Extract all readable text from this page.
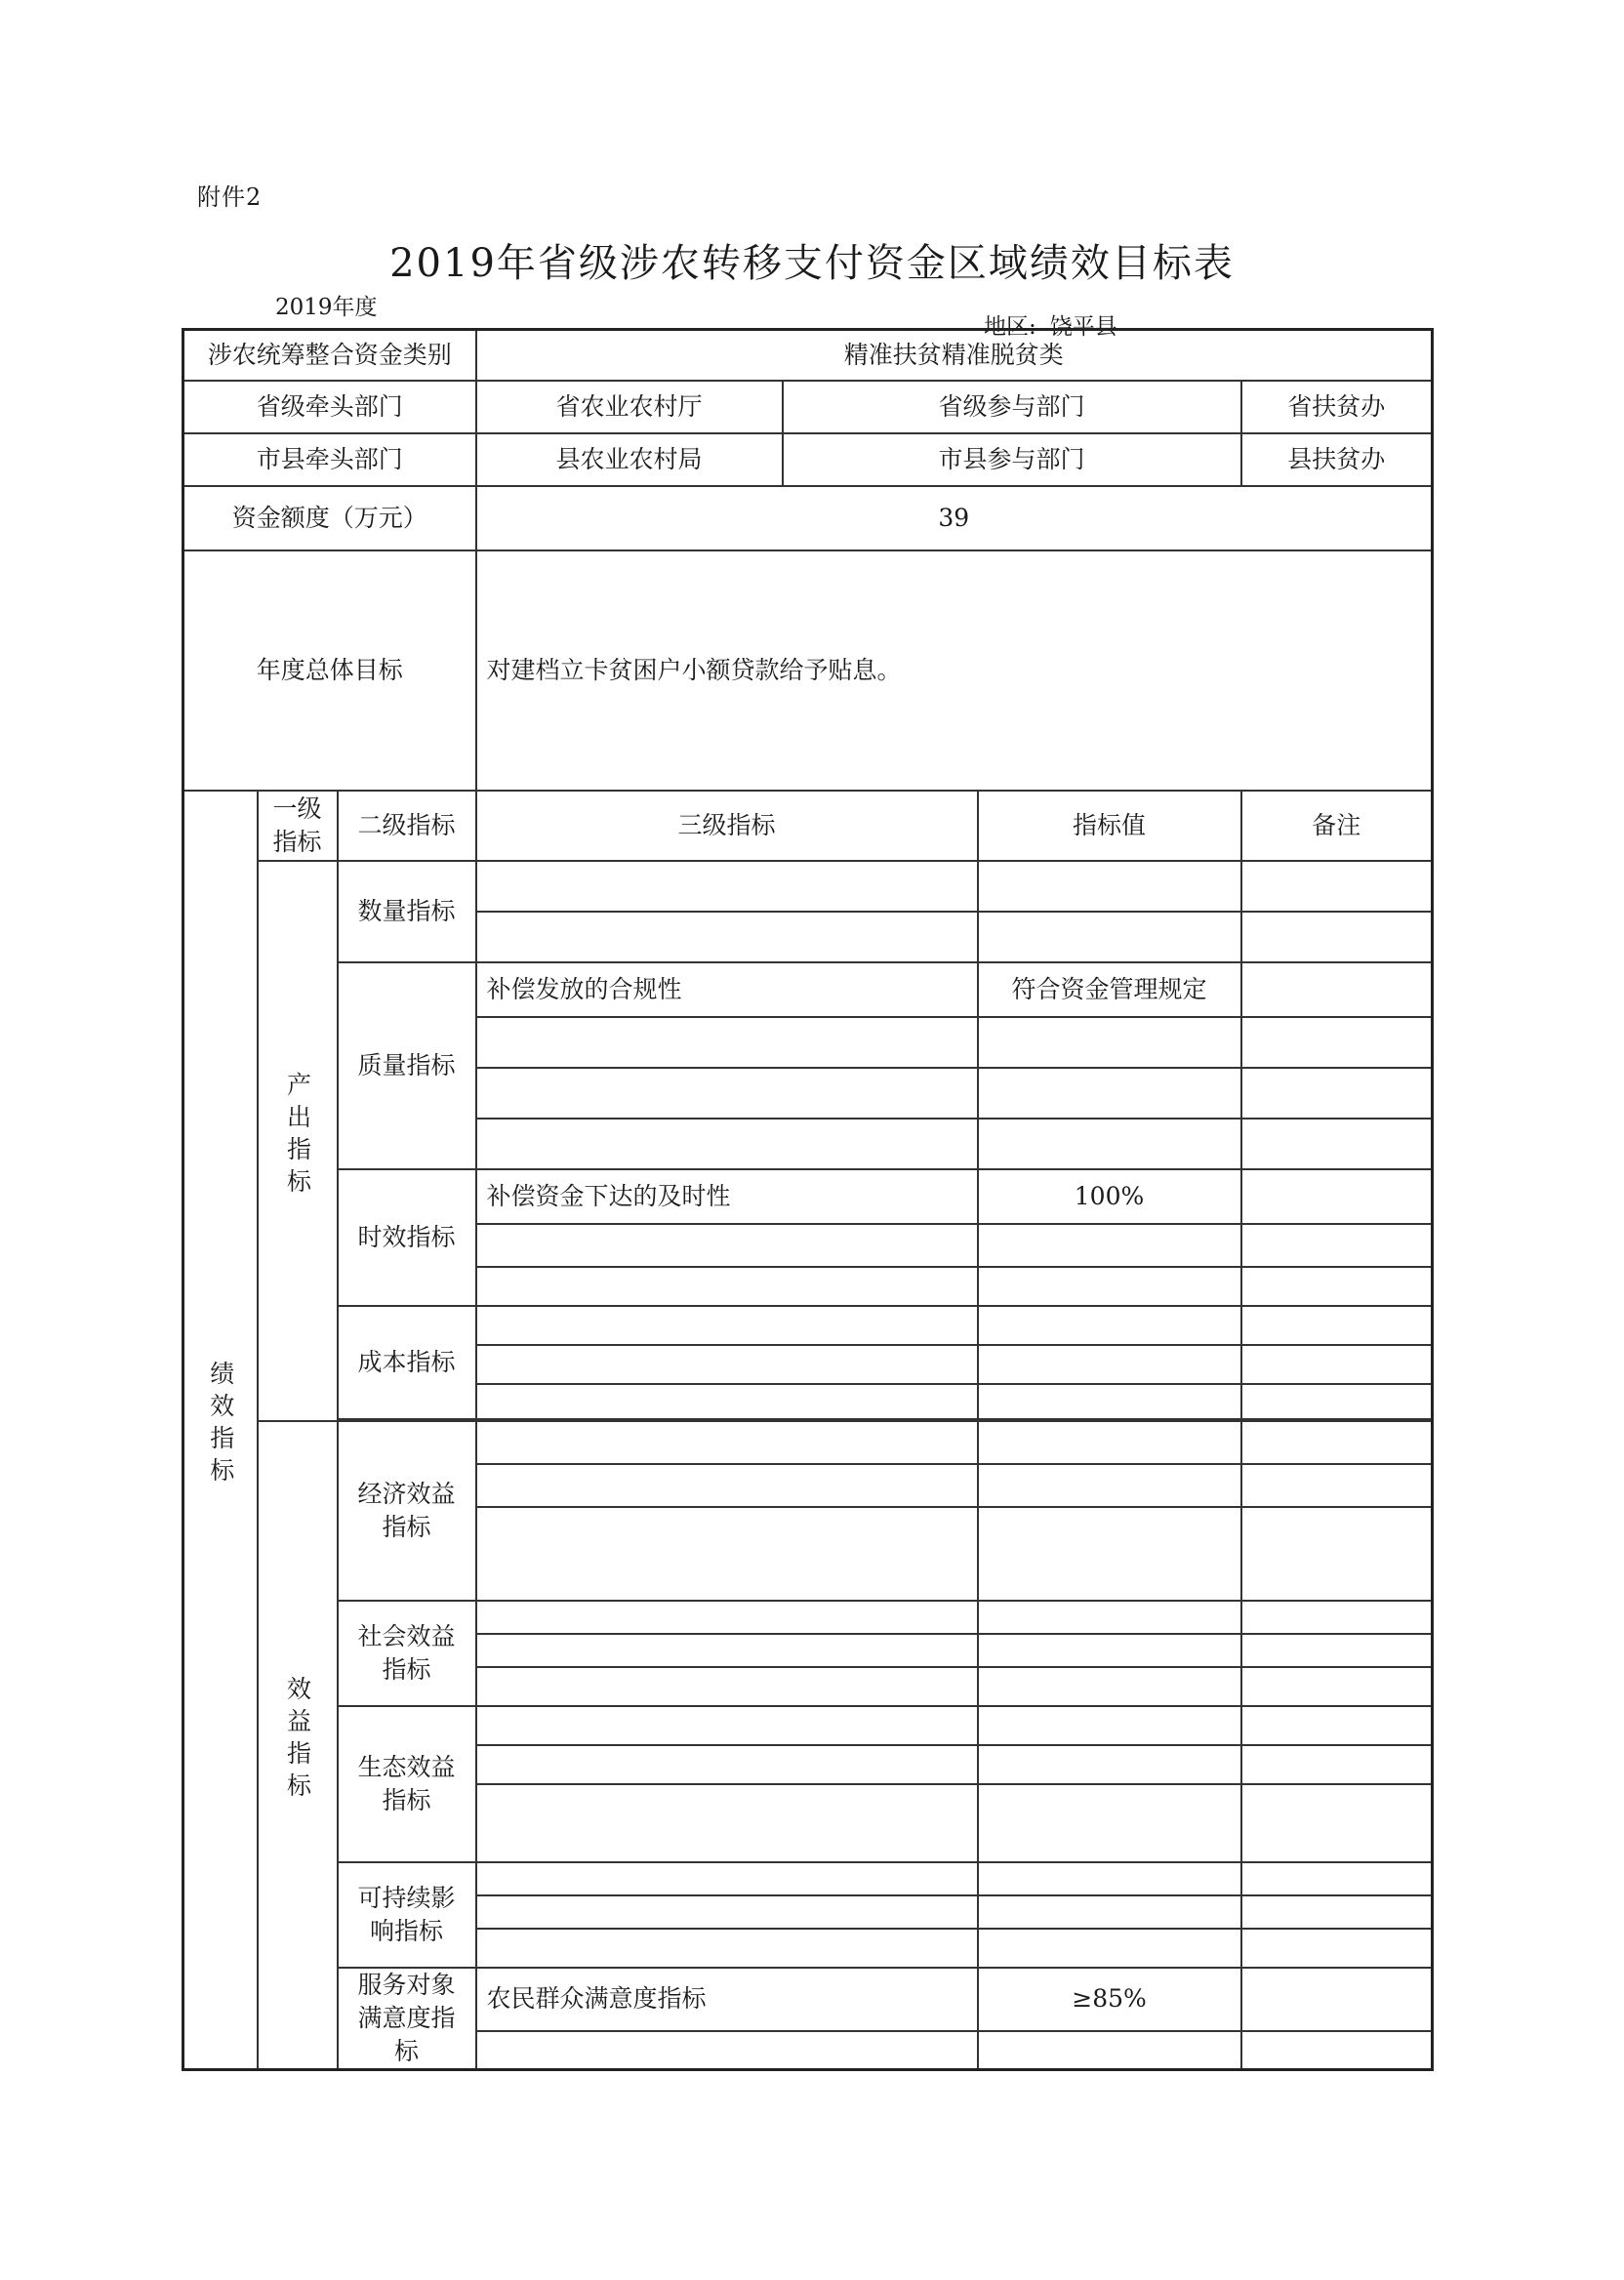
附件2
2019年省级涉农转移支付资金区域绩效目标表
2019年度
地区: 饶平县
涉农统筹整合资金类别			精准扶贫精准脱贫类			
省级牵头部门			省农业农村厅	省级参与部门		省扶贫办
市县牵头部门			县农业农村局	市县参与部门		县扶贫办
资金额度（万元）			39			
年度总体目标			对建档立卡贫困户小额贷款给予贴息。			
绩效指标	一级指标	二级指标	三级指标		指标值	备注
	产出指标	数量指标				

		质量指标	补偿发放的合规性		符合资金管理规定	

		时效指标	补偿资金下达的及时性		100%	

		成本指标				

	效益指标	经济效益指标				

		社会效益指标				

		生态效益指标				

		可持续影响指标				

		服务对象满意度指标	农民群众满意度指标		≥85%	
